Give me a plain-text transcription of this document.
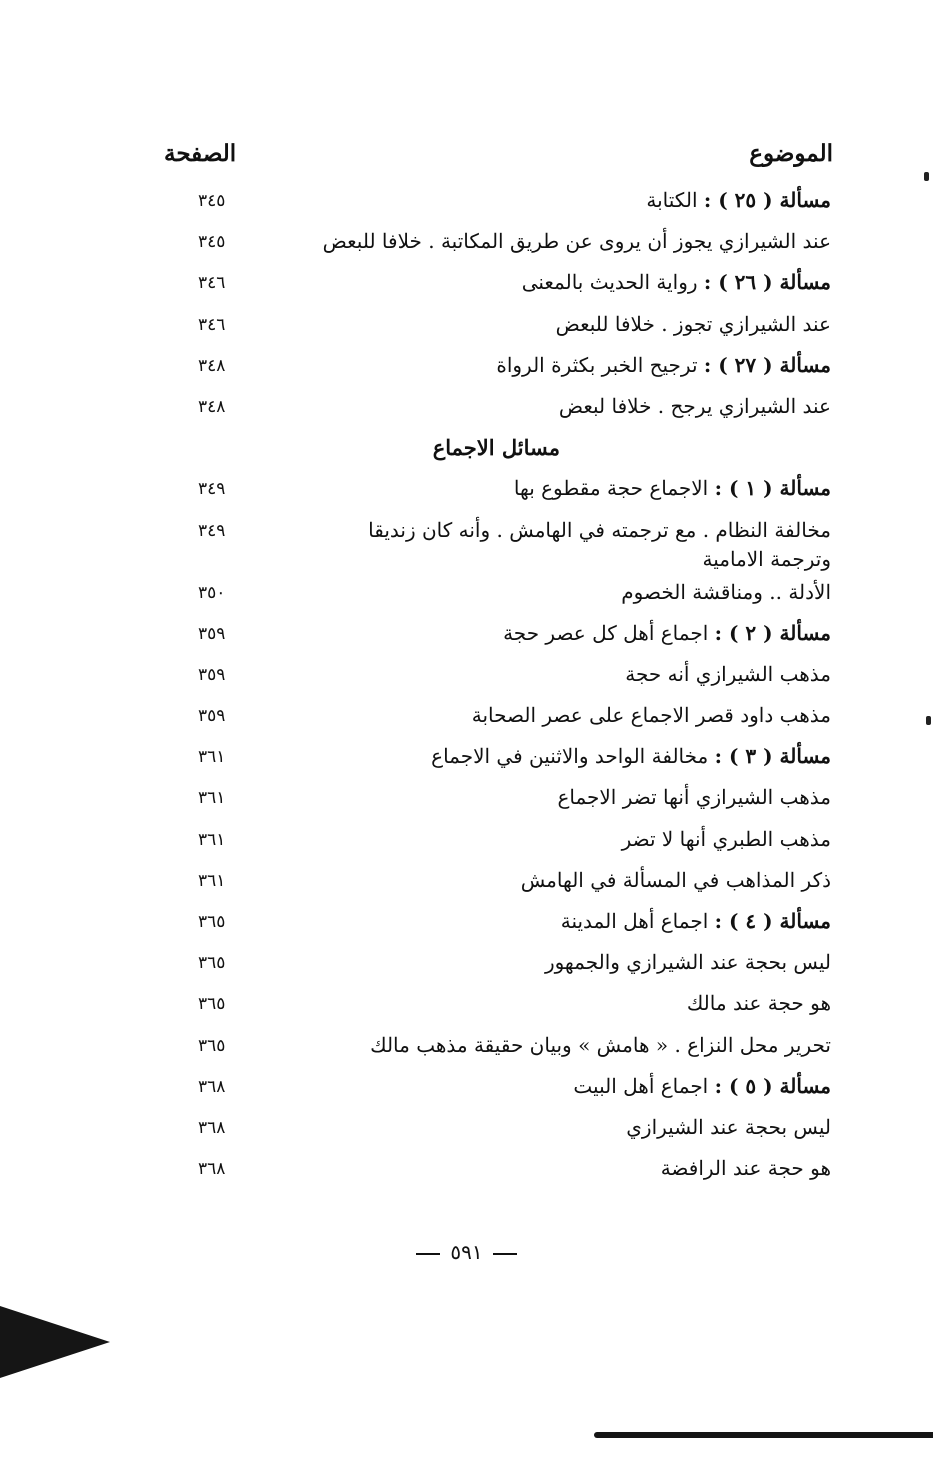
الموضوع
الصفحة
مسألة ( ٢٥ ) : الكتابة
٣٤٥
عند الشيرازي يجوز أن يروى عن طريق المكاتبة . خلافا للبعض
٣٤٥
مسألة ( ٢٦ ) : رواية الحديث بالمعنى
٣٤٦
عند الشيرازي تجوز . خلافا للبعض
٣٤٦
مسألة ( ٢٧ ) : ترجيح الخبر بكثرة الرواة
٣٤٨
عند الشيرازي يرجح . خلافا لبعض
٣٤٨
مسائل الاجماع
مسألة ( ١ ) : الاجماع حجة مقطوع بها
٣٤٩
مخالفة النظام . مع ترجمته في الهامش . وأنه كان زنديقا وترجمة الامامية
٣٤٩
الأدلة .. ومناقشة الخصوم
٣٥٠
مسألة ( ٢ ) : اجماع أهل كل عصر حجة
٣٥٩
مذهب الشيرازي أنه حجة
٣٥٩
مذهب داود قصر الاجماع على عصر الصحابة
٣٥٩
مسألة ( ٣ ) : مخالفة الواحد والاثنين في الاجماع
٣٦١
مذهب الشيرازي أنها تضر الاجماع
٣٦١
مذهب الطبري أنها لا تضر
٣٦١
ذكر المذاهب في المسألة في الهامش
٣٦١
مسألة ( ٤ ) : اجماع أهل المدينة
٣٦٥
ليس بحجة عند الشيرازي والجمهور
٣٦٥
هو حجة عند مالك
٣٦٥
تحرير محل النزاع . « هامش » وبيان حقيقة مذهب مالك
٣٦٥
مسألة ( ٥ ) : اجماع أهل البيت
٣٦٨
ليس بحجة عند الشيرازي
٣٦٨
هو حجة عند الرافضة
٣٦٨
٥٩١
